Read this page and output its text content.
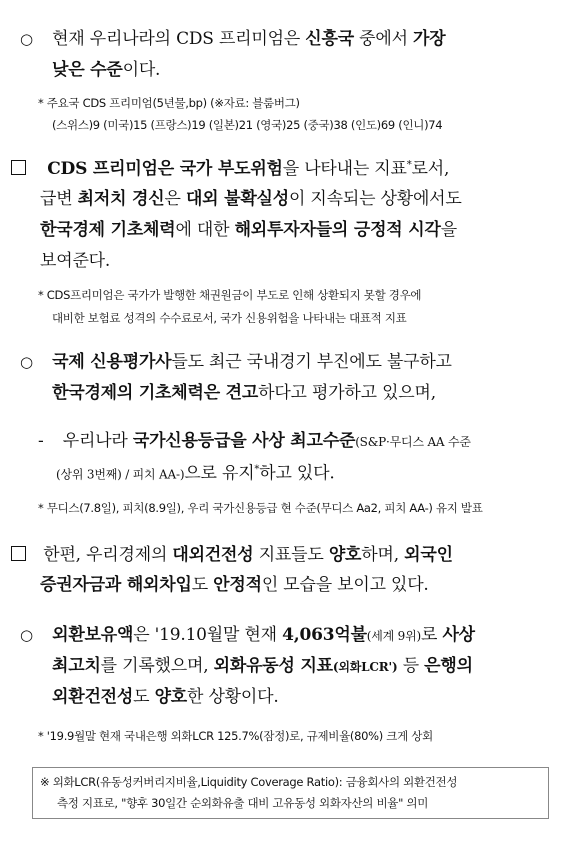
○ 현재 우리나라의 CDS 프리미엄은 신흥국 중에서 가장
낮은 수준이다.
* 주요국 CDS 프리미엄(5년물,bp) (※자료: 블룸버그)
(스위스)9 (미국)15 (프랑스)19 (일본)21 (영국)25 (중국)38 (인도)69 (인니)74
CDS 프리미엄은 국가 부도위험을 나타내는 지표*로서,
급변 최저치 경신은 대외 불확실성이 지속되는 상황에서도
한국경제 기초체력에 대한 해외투자자들의 긍정적 시각을
보여준다.
* CDS프리미엄은 국가가 발행한 채권원금이 부도로 인해 상환되지 못할 경우에
대비한 보험료 성격의 수수료로서, 국가 신용위험을 나타내는 대표적 지표
○ 국제 신용평가사들도 최근 국내경기 부진에도 불구하고
한국경제의 기초체력은 견고하다고 평가하고 있으며,
- 우리나라 국가신용등급을 사상 최고수준(S&P·무디스 AA 수준
(상위 3번째) / 피치 AA-)으로 유지*하고 있다.
* 무디스(7.8일), 피치(8.9일), 우리 국가신용등급 현 수준(무디스 Aa2, 피치 AA-) 유지 발표
한편, 우리경제의 대외건전성 지표들도 양호하며, 외국인
증권자금과 해외차입도 안정적인 모습을 보이고 있다.
○ 외환보유액은 '19.10월말 현재 4,063억불(세계 9위)로 사상
최고치를 기록했으며, 외화유동성 지표(외화LCR') 등 은행의
외환건전성도 양호한 상황이다.
* '19.9월말 현재 국내은행 외화LCR 125.7%(잠정)로, 규제비율(80%) 크게 상회
※ 외화LCR(유동성커버리지비율,Liquidity Coverage Ratio): 금융회사의 외환건전성
측정 지표로, "향후 30일간 순외화유출 대비 고유동성 외화자산의 비율" 의미
